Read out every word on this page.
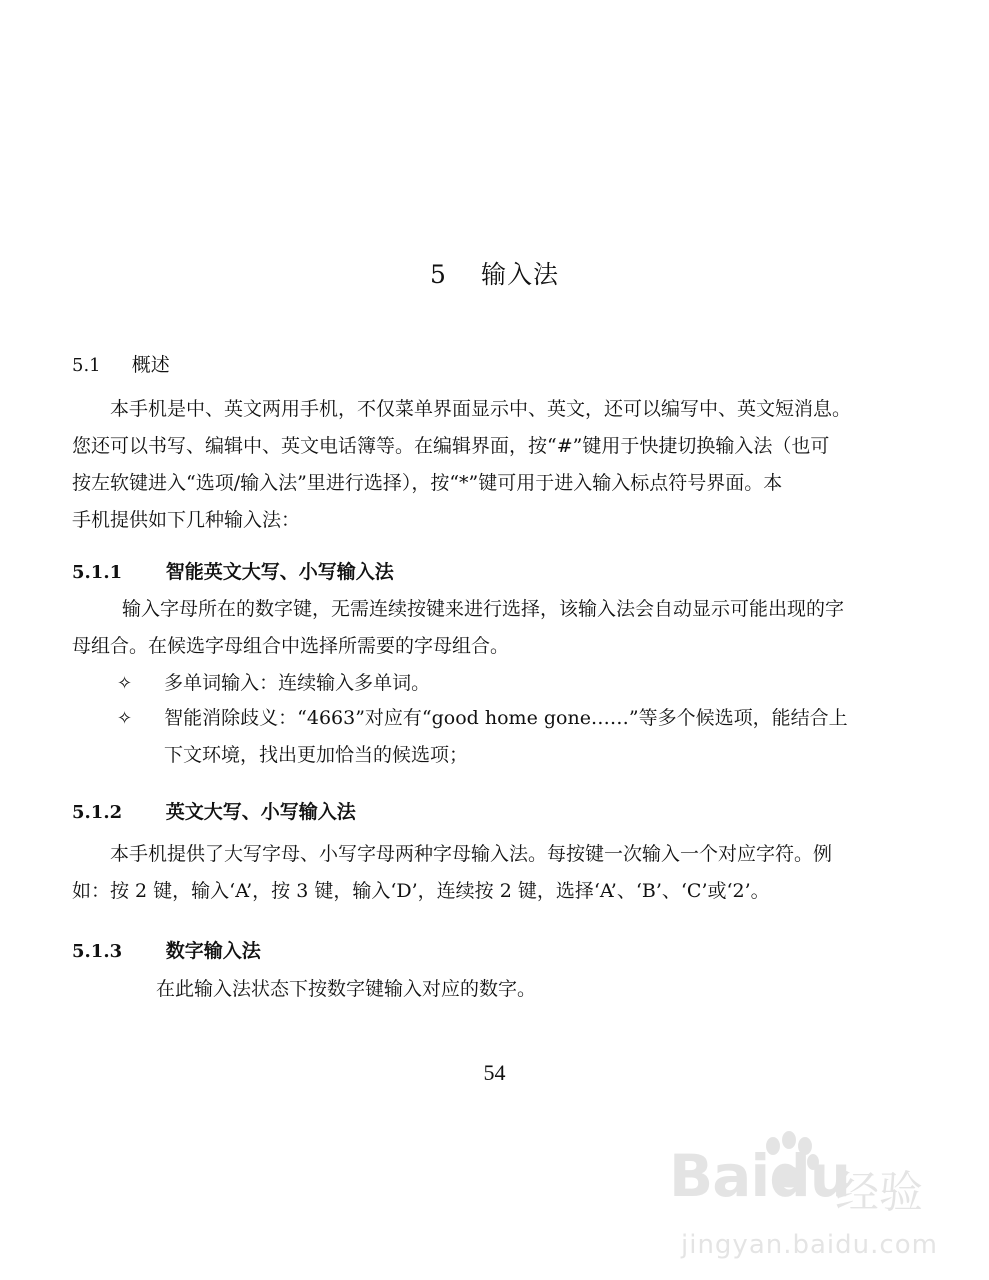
5 输入法
5.1 概述
本手机是中、英文两用手机，不仅菜单界面显示中、英文，还可以编写中、英文短消息。
您还可以书写、编辑中、英文电话簿等。在编辑界面，按“#”键用于快捷切换输入法（也可
按左软键进入“选项/输入法”里进行选择），按“*”键可用于进入输入标点符号界面。本
手机提供如下几种输入法：
5.1.1 智能英文大写、小写输入法
输入字母所在的数字键，无需连续按键来进行选择，该输入法会自动显示可能出现的字
母组合。在候选字母组合中选择所需要的字母组合。
✧ 多单词输入：连续输入多单词。
✧ 智能消除歧义：“4663”对应有“good home gone……”等多个候选项，能结合上
下文环境，找出更加恰当的候选项；
5.1.2 英文大写、小写输入法
本手机提供了大写字母、小写字母两种字母输入法。每按键一次输入一个对应字符。例
如：按 2 键，输入‘A’，按 3 键，输入‘D’，连续按 2 键，选择‘A’、‘B’、‘C’或‘2’。
5.1.3 数字输入法
在此输入法状态下按数字键输入对应的数字。
54
Baidu
经验
jingyan.baidu.com
